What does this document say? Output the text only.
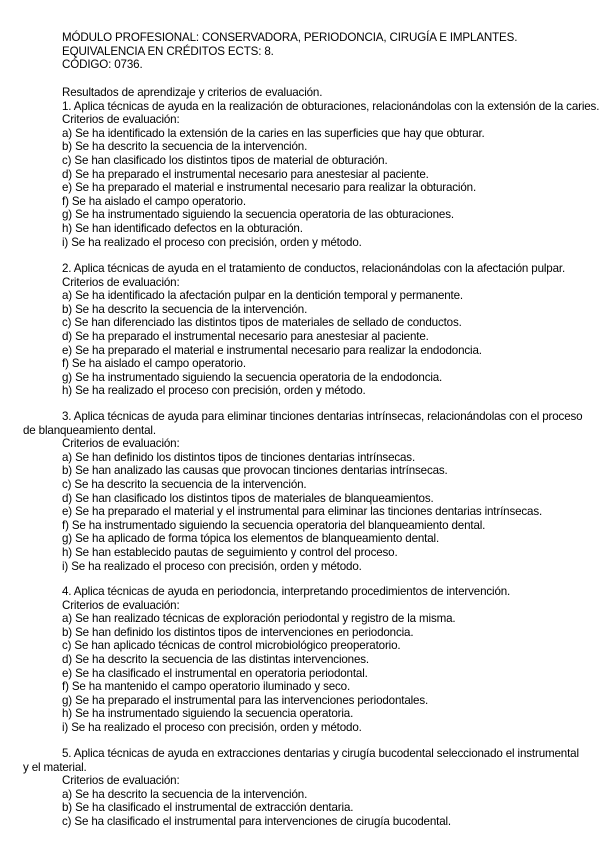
MÓDULO PROFESIONAL: CONSERVADORA, PERIODONCIA, CIRUGÍA E IMPLANTES.
EQUIVALENCIA EN CRÉDITOS ECTS: 8.
CÓDIGO: 0736.
Resultados de aprendizaje y criterios de evaluación.
1. Aplica técnicas de ayuda en la realización de obturaciones, relacionándolas con la extensión de la caries.
Criterios de evaluación:
a) Se ha identificado la extensión de la caries en las superficies que hay que obturar.
b) Se ha descrito la secuencia de la intervención.
c) Se han clasificado los distintos tipos de material de obturación.
d) Se ha preparado el instrumental necesario para anestesiar al paciente.
e) Se ha preparado el material e instrumental necesario para realizar la obturación.
f) Se ha aislado el campo operatorio.
g) Se ha instrumentado siguiendo la secuencia operatoria de las obturaciones.
h) Se han identificado defectos en la obturación.
i) Se ha realizado el proceso con precisión, orden y método.
2. Aplica técnicas de ayuda en el tratamiento de conductos, relacionándolas con la afectación pulpar.
Criterios de evaluación:
a) Se ha identificado la afectación pulpar en la dentición temporal y permanente.
b) Se ha descrito la secuencia de la intervención.
c) Se han diferenciado las distintos tipos de materiales de sellado de conductos.
d) Se ha preparado el instrumental necesario para anestesiar al paciente.
e) Se ha preparado el material e instrumental necesario para realizar la endodoncia.
f) Se ha aislado el campo operatorio.
g) Se ha instrumentado siguiendo la secuencia operatoria de la endodoncia.
h) Se ha realizado el proceso con precisión, orden y método.
3. Aplica técnicas de ayuda para eliminar tinciones dentarias intrínsecas, relacionándolas con el proceso
de blanqueamiento dental.
Criterios de evaluación:
a) Se han definido los distintos tipos de tinciones dentarias intrínsecas.
b) Se han analizado las causas que provocan tinciones dentarias intrínsecas.
c) Se ha descrito la secuencia de la intervención.
d) Se han clasificado los distintos tipos de materiales de blanqueamientos.
e) Se ha preparado el material y el instrumental para eliminar las tinciones dentarias intrínsecas.
f) Se ha instrumentado siguiendo la secuencia operatoria del blanqueamiento dental.
g) Se ha aplicado de forma tópica los elementos de blanqueamiento dental.
h) Se han establecido pautas de seguimiento y control del proceso.
i) Se ha realizado el proceso con precisión, orden y método.
4. Aplica técnicas de ayuda en periodoncia, interpretando procedimientos de intervención.
Criterios de evaluación:
a) Se han realizado técnicas de exploración periodontal y registro de la misma.
b) Se han definido los distintos tipos de intervenciones en periodoncia.
c) Se han aplicado técnicas de control microbiológico preoperatorio.
d) Se ha descrito la secuencia de las distintas intervenciones.
e) Se ha clasificado el instrumental en operatoria periodontal.
f) Se ha mantenido el campo operatorio iluminado y seco.
g) Se ha preparado el instrumental para las intervenciones periodontales.
h) Se ha instrumentado siguiendo la secuencia operatoria.
i) Se ha realizado el proceso con precisión, orden y método.
5. Aplica técnicas de ayuda en extracciones dentarias y cirugía bucodental seleccionado el instrumental
y el material.
Criterios de evaluación:
a) Se ha descrito la secuencia de la intervención.
b) Se ha clasificado el instrumental de extracción dentaria.
c) Se ha clasificado el instrumental para intervenciones de cirugía bucodental.
